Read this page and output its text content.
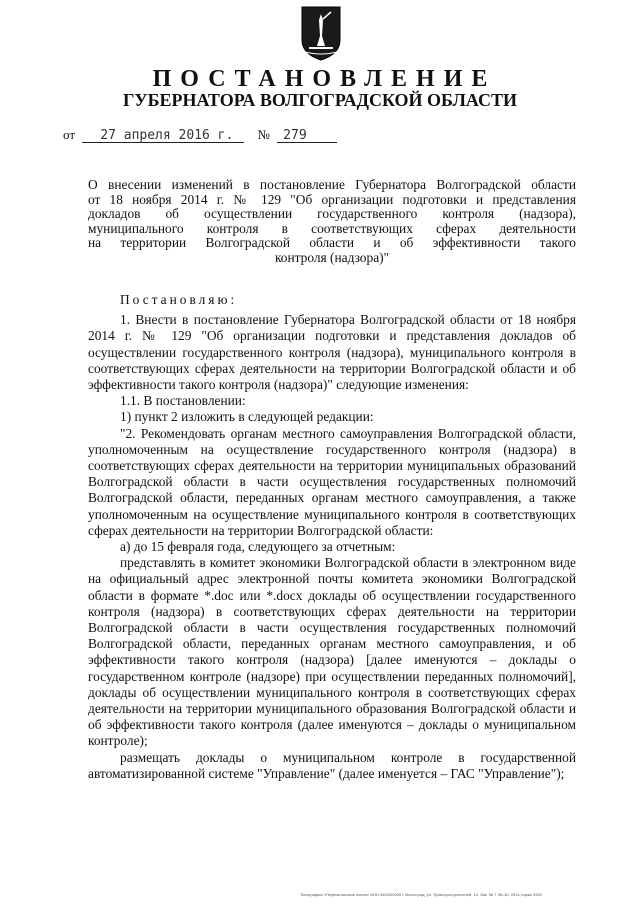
ПОСТАНОВЛЕНИЕ
ГУБЕРНАТОРА ВОЛГОГРАДСКОЙ ОБЛАСТИ
от 27 апреля 2016 г. № 279
О внесении изменений в постановление Губернатора Волгоградской области
от 18 ноября 2014 г. № 129 "Об организации подготовки и представления
докладов об осуществлении государственного контроля (надзора),
муниципального контроля в соответствующих сферах деятельности
на территории Волгоградской области и об эффективности такого
контроля (надзора)"

Постановляю:

1. Внести в постановление Губернатора Волгоградской области от 18 ноября 2014 г. № 129 "Об организации подготовки и представления докладов об осуществлении государственного контроля (надзора), муниципального контроля в соответствующих сферах деятельности на территории Волгоградской области и об эффективности такого контроля (надзора)" следующие изменения:

1.1. В постановлении:

1) пункт 2 изложить в следующей редакции:

"2. Рекомендовать органам местного самоуправления Волгоградской области, уполномоченным на осуществление государственного контроля (надзора) в соответствующих сферах деятельности на территории муниципальных образований Волгоградской области в части осуществления государственных полномочий Волгоградской области, переданных органам местного самоуправления, а также уполномоченным на осуществление муниципального контроля в соответствующих сферах деятельности на территории Волгоградской области:

а) до 15 февраля года, следующего за отчетным:

представлять в комитет экономики Волгоградской области в электронном виде на официальный адрес электронной почты комитета экономики Волгоградской области в формате *.doc или *.docx доклады об осуществлении государственного контроля (надзора) в соответствующих сферах деятельности на территории Волгоградской области в части осуществления государственных полномочий Волгоградской области, переданных органам местного самоуправления, и об эффективности такого контроля (надзора) [далее именуются – доклады о государственном контроле (надзоре) при осуществлении переданных полномочий], доклады об осуществлении муниципального контроля в соответствующих сферах деятельности на территории муниципального образования Волгоградской области и об эффективности такого контроля (далее именуются – доклады о муниципальном контроле);

размещать доклады о муниципальном контроле в государственной автоматизированной системе "Управление" (далее именуется – ГАС "Управление");

Типография «Первоклассные копии» ИНН 3443/00000 г. Волгоград, ул. Тракторостроителей, 19. Зак. № 7 ЭК-10, 2014 тираж 2000
